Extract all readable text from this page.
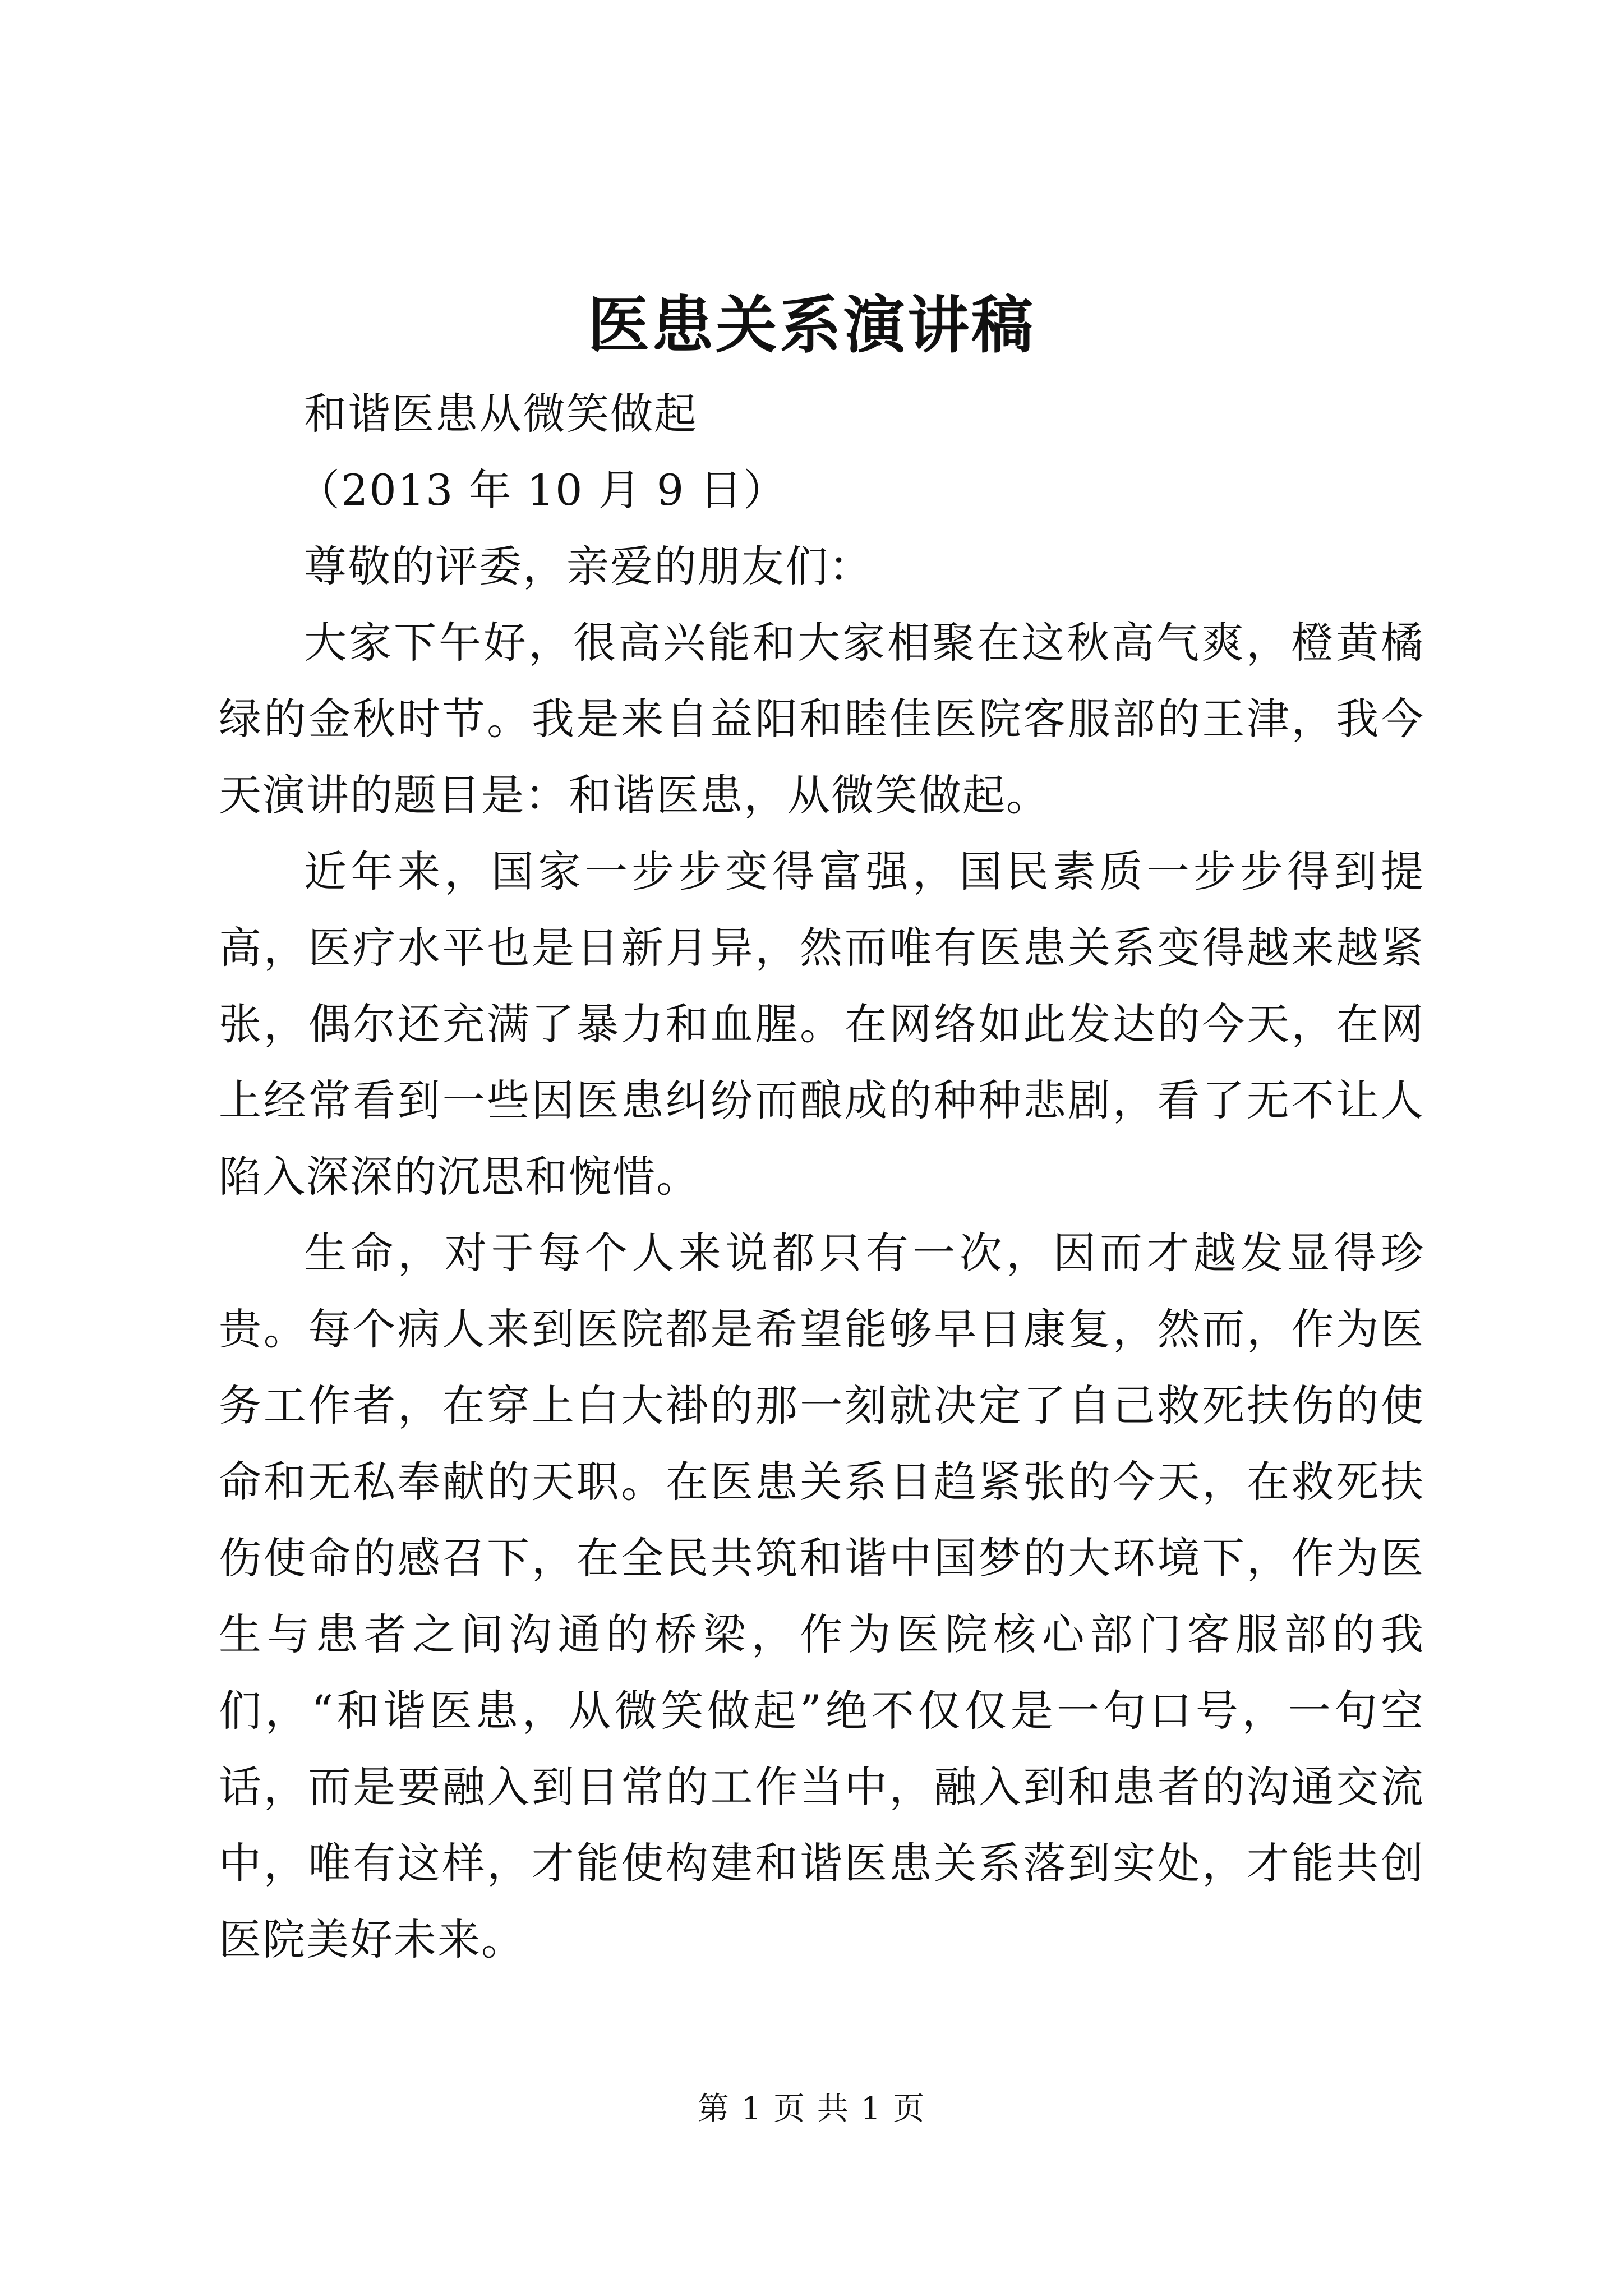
医患关系演讲稿

和谐医患从微笑做起

（2013 年 10 月 9 日）

尊敬的评委，亲爱的朋友们：

大家下午好，很高兴能和大家相聚在这秋高气爽，橙黄橘绿的金秋时节。我是来自益阳和睦佳医院客服部的王津，我今天演讲的题目是：和谐医患，从微笑做起。

近年来，国家一步步变得富强，国民素质一步步得到提高，医疗水平也是日新月异，然而唯有医患关系变得越来越紧张，偶尔还充满了暴力和血腥。在网络如此发达的今天，在网上经常看到一些因医患纠纷而酿成的种种悲剧，看了无不让人陷入深深的沉思和惋惜。

生命，对于每个人来说都只有一次，因而才越发显得珍贵。每个病人来到医院都是希望能够早日康复，然而，作为医务工作者，在穿上白大褂的那一刻就决定了自己救死扶伤的使命和无私奉献的天职。在医患关系日趋紧张的今天，在救死扶伤使命的感召下，在全民共筑和谐中国梦的大环境下，作为医生与患者之间沟通的桥梁，作为医院核心部门客服部的我们，“和谐医患，从微笑做起”绝不仅仅是一句口号，一句空话，而是要融入到日常的工作当中，融入到和患者的沟通交流中，唯有这样，才能使构建和谐医患关系落到实处，才能共创医院美好未来。

第 1 页 共 1 页
